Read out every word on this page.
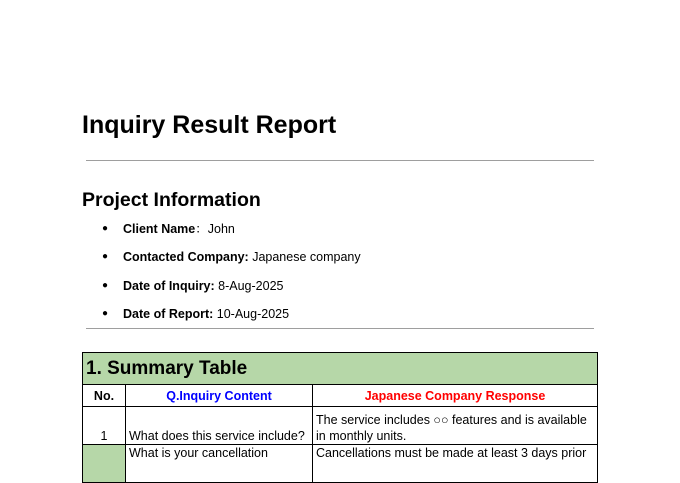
Inquiry Result Report
Project Information
● Client Name：John
● Contacted Company: Japanese company
● Date of Inquiry: 8-Aug-2025
● Date of Report: 10-Aug-2025
1. Summary Table		
No.	Q.Inquiry Content	Japanese Company Response
1	What does this service include?	The service includes ○○ features and is available in monthly units.
	What is your cancellation	Cancellations must be made at least 3 days prior
